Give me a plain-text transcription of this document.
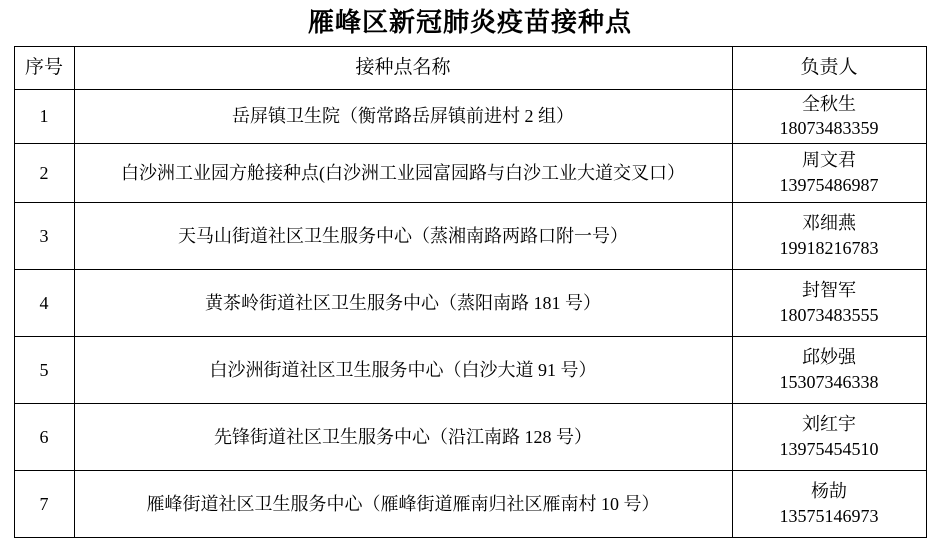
雁峰区新冠肺炎疫苗接种点
序号	接种点名称	负责人
1	岳屏镇卫生院（衡常路岳屏镇前进村 2 组）	全秋生
18073483359

2	白沙洲工业园方舱接种点(白沙洲工业园富园路与白沙工业大道交叉口）	周文君
13975486987

3	天马山街道社区卫生服务中心（蒸湘南路两路口附一号）	邓细燕
19918216783

4	黄茶岭街道社区卫生服务中心（蒸阳南路 181 号）	封智军
18073483555

5	白沙洲街道社区卫生服务中心（白沙大道 91 号）	邱妙强
15307346338

6	先锋街道社区卫生服务中心（沿江南路 128 号）	刘红宇
13975454510

7	雁峰街道社区卫生服务中心（雁峰街道雁南归社区雁南村 10 号）	杨劼
13575146973
